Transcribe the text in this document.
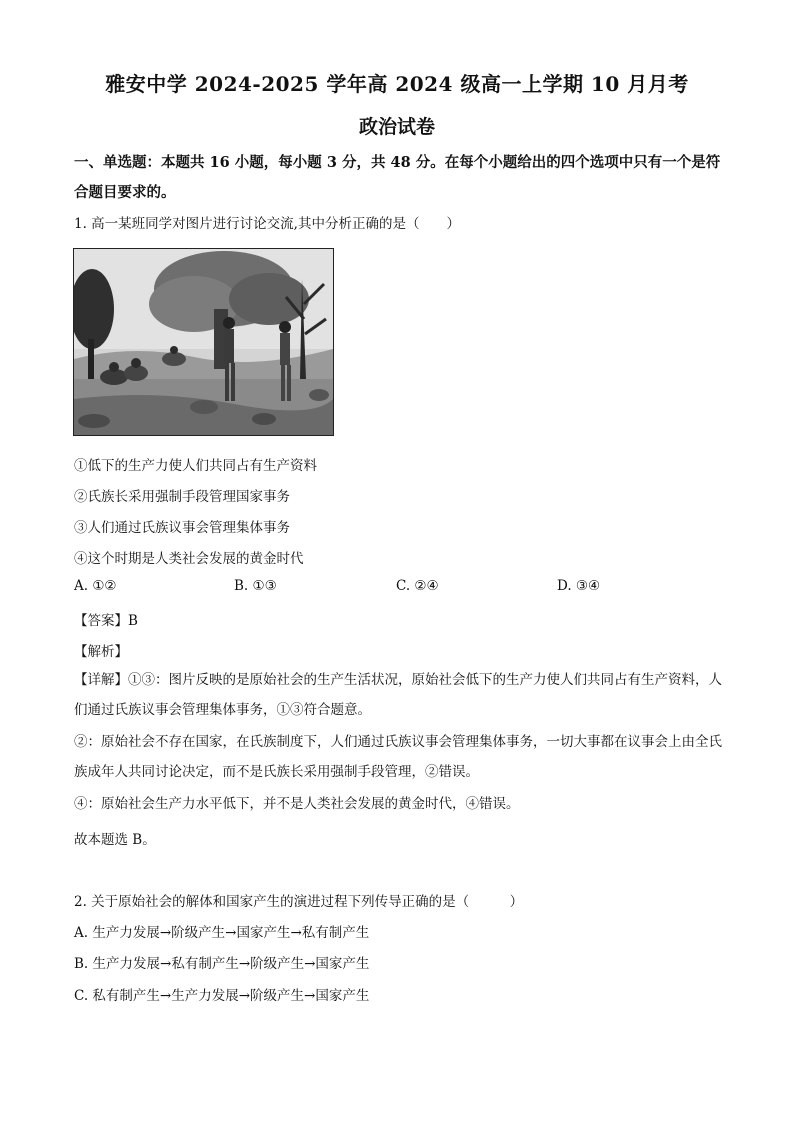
雅安中学 2024-2025 学年高 2024 级高一上学期 10 月月考
政治试卷
一、单选题：本题共 16 小题，每小题 3 分，共 48 分。在每个小题给出的四个选项中只有一个是符合题目要求的。
1. 高一某班同学对图片进行讨论交流,其中分析正确的是（　　）
①低下的生产力使人们共同占有生产资料
②氏族长采用强制手段管理国家事务
③人们通过氏族议事会管理集体事务
④这个时期是人类社会发展的黄金时代
A. ①②	B. ①③	C. ②④	D. ③④
【答案】B
【解析】
【详解】①③：图片反映的是原始社会的生产生活状况，原始社会低下的生产力使人们共同占有生产资料，人们通过氏族议事会管理集体事务，①③符合题意。
②：原始社会不存在国家，在氏族制度下，人们通过氏族议事会管理集体事务，一切大事都在议事会上由全氏族成年人共同讨论决定，而不是氏族长采用强制手段管理，②错误。
④：原始社会生产力水平低下，并不是人类社会发展的黄金时代，④错误。
故本题选 B。
2. 关于原始社会的解体和国家产生的演进过程下列传导正确的是（　　　）
A. 生产力发展→阶级产生→国家产生→私有制产生
B. 生产力发展→私有制产生→阶级产生→国家产生
C. 私有制产生→生产力发展→阶级产生→国家产生
